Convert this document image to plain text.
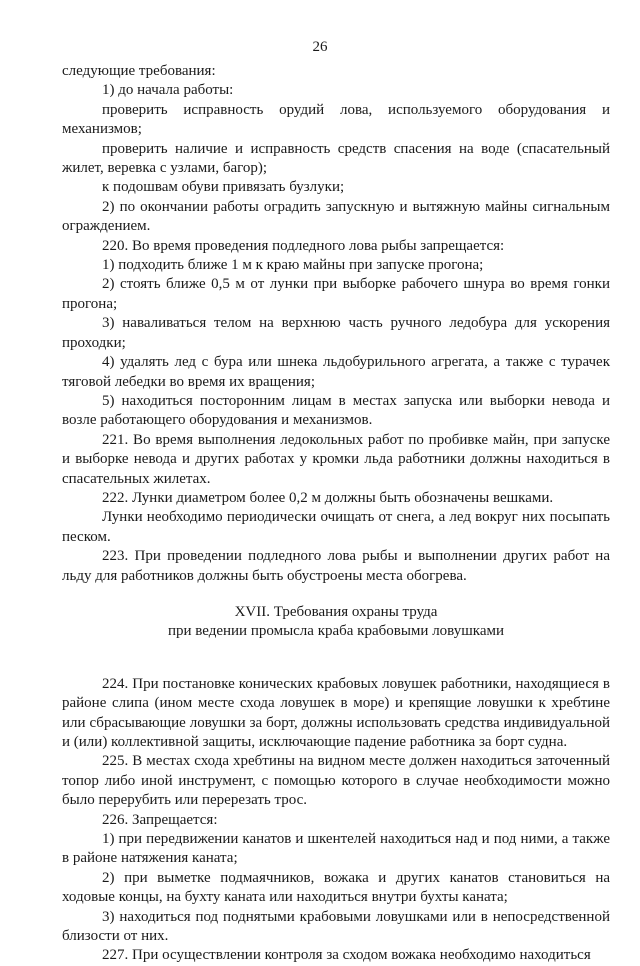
26

следующие требования:

1) до начала работы:

проверить исправность орудий лова, используемого оборудования и механизмов;

проверить наличие и исправность средств спасения на воде (спасательный жилет, веревка с узлами, багор);

к подошвам обуви привязать бузлуки;

2) по окончании работы оградить запускную и вытяжную майны сигнальным ограждением.

220. Во время проведения подледного лова рыбы запрещается:

1) подходить ближе 1 м к краю майны при запуске прогона;

2) стоять ближе 0,5 м от лунки при выборке рабочего шнура во время гонки прогона;

3) наваливаться телом на верхнюю часть ручного ледобура для ускорения проходки;

4) удалять лед с бура или шнека льдобурильного агрегата, а также с турачек тяговой лебедки во время их вращения;

5) находиться посторонним лицам в местах запуска или выборки невода и возле работающего оборудования и механизмов.

221. Во время выполнения ледокольных работ по пробивке майн, при запуске и выборке невода и других работах у кромки льда работники должны находиться в спасательных жилетах.

222. Лунки диаметром более 0,2 м должны быть обозначены вешками.

Лунки необходимо периодически очищать от снега, а лед вокруг них посыпать песком.

223. При проведении подледного лова рыбы и выполнении других работ на льду для работников должны быть обустроены места обогрева.

XVII. Требования охраны труда

при ведении промысла краба крабовыми ловушками

224. При постановке конических крабовых ловушек работники, находящиеся в районе слипа (ином месте схода ловушек в море) и крепящие ловушки к хребтине или сбрасывающие ловушки за борт, должны использовать средства индивидуальной и (или) коллективной защиты, исключающие падение работника за борт судна.

225. В местах схода хребтины на видном месте должен находиться заточенный топор либо иной инструмент, с помощью которого в случае необходимости можно было перерубить или перерезать трос.

226. Запрещается:

1) при передвижении канатов и шкентелей находиться над и под ними, а также в районе натяжения каната;

2) при выметке подмаячников, вожака и других канатов становиться на ходовые концы, на бухту каната или находиться внутри бухты каната;

3) находиться под поднятыми крабовыми ловушками или в непосредственной близости от них.

227. При осуществлении контроля за сходом вожака необходимо находиться
